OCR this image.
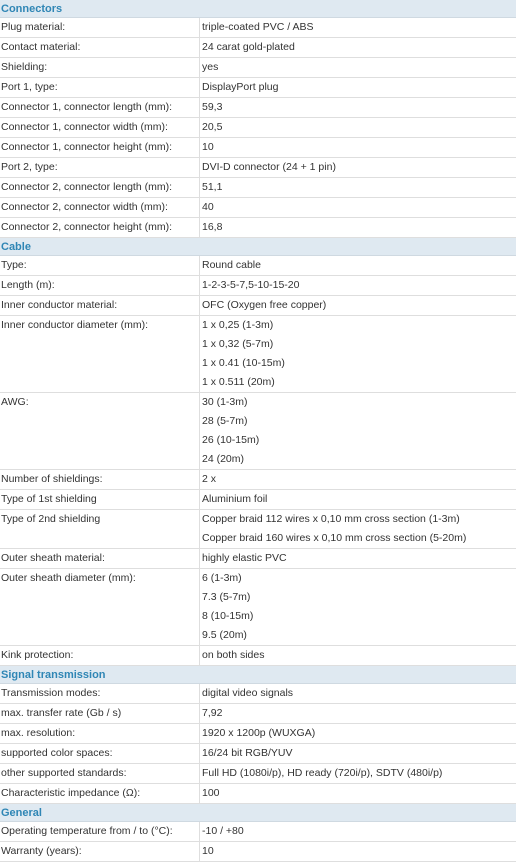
Connectors
Plug material:	triple-coated PVC / ABS
Contact material:	24 carat gold-plated
Shielding:	yes
Port 1, type:	DisplayPort plug
Connector 1, connector length (mm):	59,3
Connector 1, connector width (mm):	20,5
Connector 1, connector height (mm):	10
Port 2, type:	DVI-D connector (24 + 1 pin)
Connector 2, connector length (mm):	51,1
Connector 2, connector width (mm):	40
Connector 2, connector height (mm):	16,8
Cable
Type:	Round cable
Length (m):	1-2-3-5-7,5-10-15-20
Inner conductor material:	OFC (Oxygen free copper)
Inner conductor diameter (mm):	1 x 0,25 (1-3m)
1 x 0,32 (5-7m)
1 x 0.41 (10-15m)
1 x 0.511 (20m)
AWG:	30 (1-3m)
28 (5-7m)
26 (10-15m)
24 (20m)
Number of shieldings:	2 x
Type of 1st shielding	Aluminium foil
Type of 2nd shielding	Copper braid 112 wires x 0,10 mm cross section (1-3m)
Copper braid 160 wires x 0,10 mm cross section (5-20m)
Outer sheath material:	highly elastic PVC
Outer sheath diameter (mm):	6 (1-3m)
7.3 (5-7m)
8 (10-15m)
9.5 (20m)
Kink protection:	on both sides
Signal transmission
Transmission modes:	digital video signals
max. transfer rate (Gb / s)	7,92
max. resolution:	1920 x 1200p (WUXGA)
supported color spaces:	16/24 bit RGB/YUV
other supported standards:	Full HD (1080i/p), HD ready (720i/p), SDTV (480i/p)
Characteristic impedance (Ω):	100
General
Operating temperature from / to (°C):	-10 / +80
Warranty (years):	10
